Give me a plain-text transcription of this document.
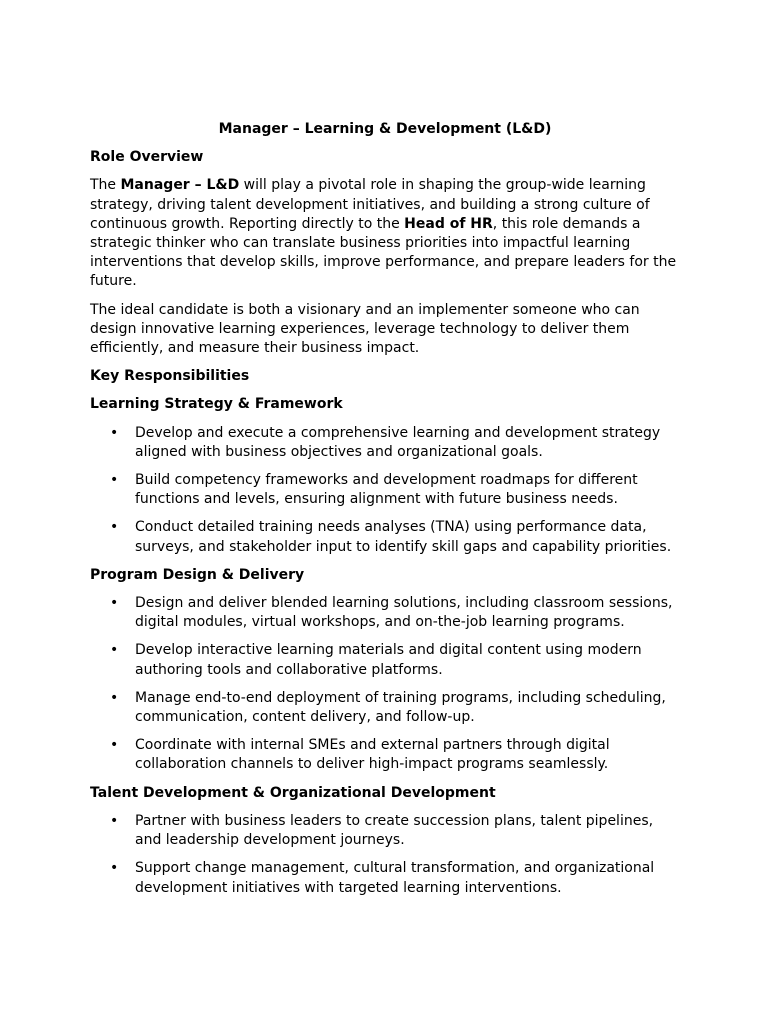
Manager – Learning & Development (L&D)
Role Overview

The Manager – L&D will play a pivotal role in shaping the group-wide learning strategy, driving talent development initiatives, and building a strong culture of continuous growth. Reporting directly to the Head of HR, this role demands a strategic thinker who can translate business priorities into impactful learning interventions that develop skills, improve performance, and prepare leaders for the future.

The ideal candidate is both a visionary and an implementer someone who can design innovative learning experiences, leverage technology to deliver them efficiently, and measure their business impact.

Key Responsibilities
Learning Strategy & Framework
• Develop and execute a comprehensive learning and development strategy aligned with business objectives and organizational goals.
• Build competency frameworks and development roadmaps for different functions and levels, ensuring alignment with future business needs.
• Conduct detailed training needs analyses (TNA) using performance data, surveys, and stakeholder input to identify skill gaps and capability priorities.
Program Design & Delivery
• Design and deliver blended learning solutions, including classroom sessions, digital modules, virtual workshops, and on-the-job learning programs.
• Develop interactive learning materials and digital content using modern authoring tools and collaborative platforms.
• Manage end-to-end deployment of training programs, including scheduling, communication, content delivery, and follow-up.
• Coordinate with internal SMEs and external partners through digital collaboration channels to deliver high-impact programs seamlessly.
Talent Development & Organizational Development
• Partner with business leaders to create succession plans, talent pipelines, and leadership development journeys.
• Support change management, cultural transformation, and organizational development initiatives with targeted learning interventions.
